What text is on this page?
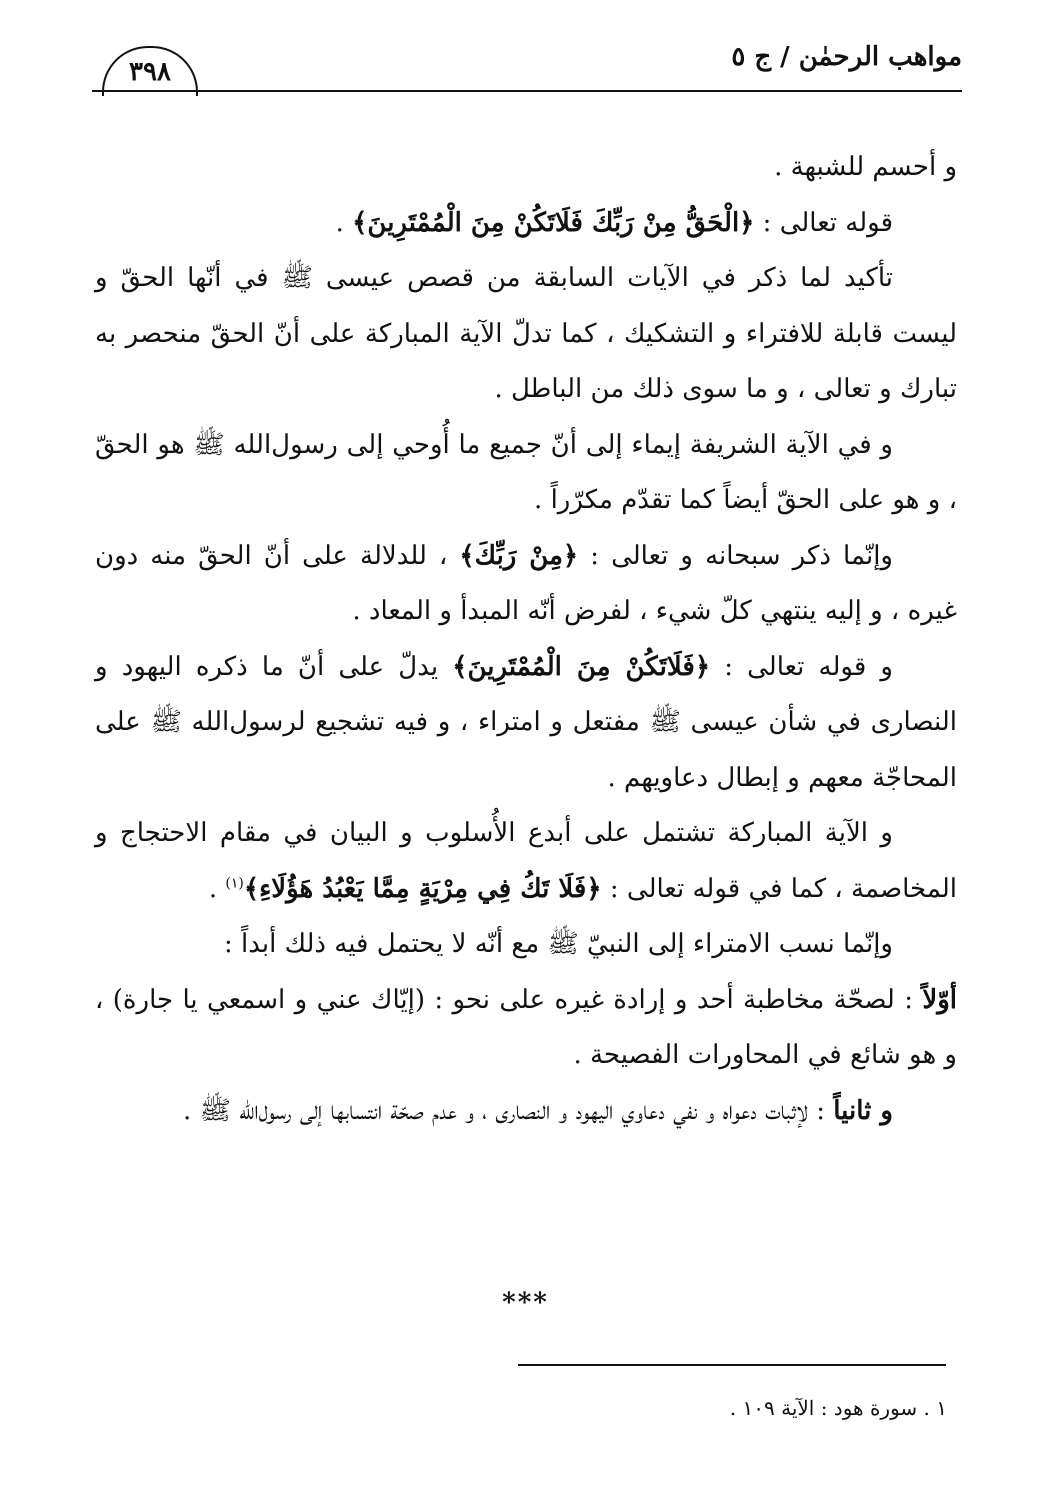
٣٩٨	مواهب الرحمٰن / ج ٥

و أحسم للشبهة .

قوله تعالى : ﴿الْحَقُّ مِنْ رَبِّكَ فَلَاتَكُنْ مِنَ الْمُمْتَرِينَ﴾ .

تأكيد لما ذكر في الآيات السابقة من قصص عيسى ﷺ في أنّها الحقّ و ليست قابلة للافتراء و التشكيك ، كما تدلّ الآية المباركة على أنّ الحقّ منحصر به تبارك و تعالى ، و ما سوى ذلك من الباطل .

و في الآية الشريفة إيماء إلى أنّ جميع ما أُوحي إلى رسول‌الله ﷺ هو الحقّ ، و هو على الحقّ أيضاً كما تقدّم مكرّراً .

وإنّما ذكر سبحانه و تعالى : ﴿مِنْ رَبِّكَ﴾ ، للدلالة على أنّ الحقّ منه دون غيره ، و إليه ينتهي كلّ شيء ، لفرض أنّه المبدأ و المعاد .

و قوله تعالى : ﴿فَلَاتَكُنْ مِنَ الْمُمْتَرِينَ﴾ يدلّ على أنّ ما ذكره اليهود و النصارى في شأن عيسى ﷺ مفتعل و امتراء ، و فيه تشجيع لرسول‌الله ﷺ على المحاجّة معهم و إبطال دعاويهم .

و الآية المباركة تشتمل على أبدع الأُسلوب و البيان في مقام الاحتجاج و المخاصمة ، كما في قوله تعالى : ﴿فَلَا تَكُ فِي مِرْيَةٍ مِمَّا يَعْبُدُ هَؤُلَاءِ﴾$^{(١)}$ .

وإنّما نسب الامتراء إلى النبيّ ﷺ مع أنّه لا يحتمل فيه ذلك أبداً :

أوّلاً : لصحّة مخاطبة أحد و إرادة غيره على نحو : (إيّاك عني و اسمعي يا جارة) ، و هو شائع في المحاورات الفصيحة .

و ثانياً : لإثبات دعواه و نفي دعاوي اليهود و النصارى ، و عدم صحّة انتسابها إلى رسول‌الله ﷺ .

***
١ . سورة هود : الآية ١٠٩ .
